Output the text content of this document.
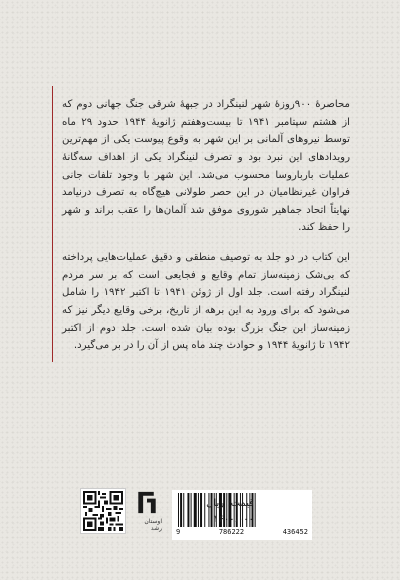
محاصرهٔ ۹۰۰روزهٔ شهر لنینگراد در جبههٔ شرقی جنگ جهانی دوم که از هشتم سپتامبر ۱۹۴۱ تا بیست‌وهفتم ژانویهٔ ۱۹۴۴ حدود ۲۹ ماه توسط نیروهای آلمانی بر این شهر به وقوع پیوست یکی از مهم‌ترین رویدادهای این نبرد بود و تصرف لنینگراد یکی از اهداف سه‌گانهٔ عملیات بارباروسا محسوب می‌شد. این شهر با وجود تلفات جانی فراوان غیرنظامیان در این حصر طولانی هیچ‌گاه به تصرف درنیامد نهایتاً اتحاد جماهیر شوروی موفق شد آلمان‌ها را عقب براند و شهر را حفظ کند.

این کتاب در دو جلد به توصیف منطقی و دقیق عملیات‌هایی پرداخته که بی‌شک زمینه‌ساز تمام وقایع و فجایعی است که بر سر مردم لنینگراد رفته است. جلد اول از ژوئن ۱۹۴۱ تا اکتبر ۱۹۴۲ را شامل می‌شود که برای ورود به این برهه از تاریخ، برخی وقایع دیگر نیز که زمینه‌ساز این جنگ بزرگ بوده بیان شده است. جلد دوم از اکتبر ۱۹۴۲ تا ژانویهٔ ۱۹۴۴ و حوادث چند ماه پس از آن را در بر می‌گیرد.

اوستان رشد 9	786222	436452
قیمت: ریال
۱۶۰۰،۰۰۰
